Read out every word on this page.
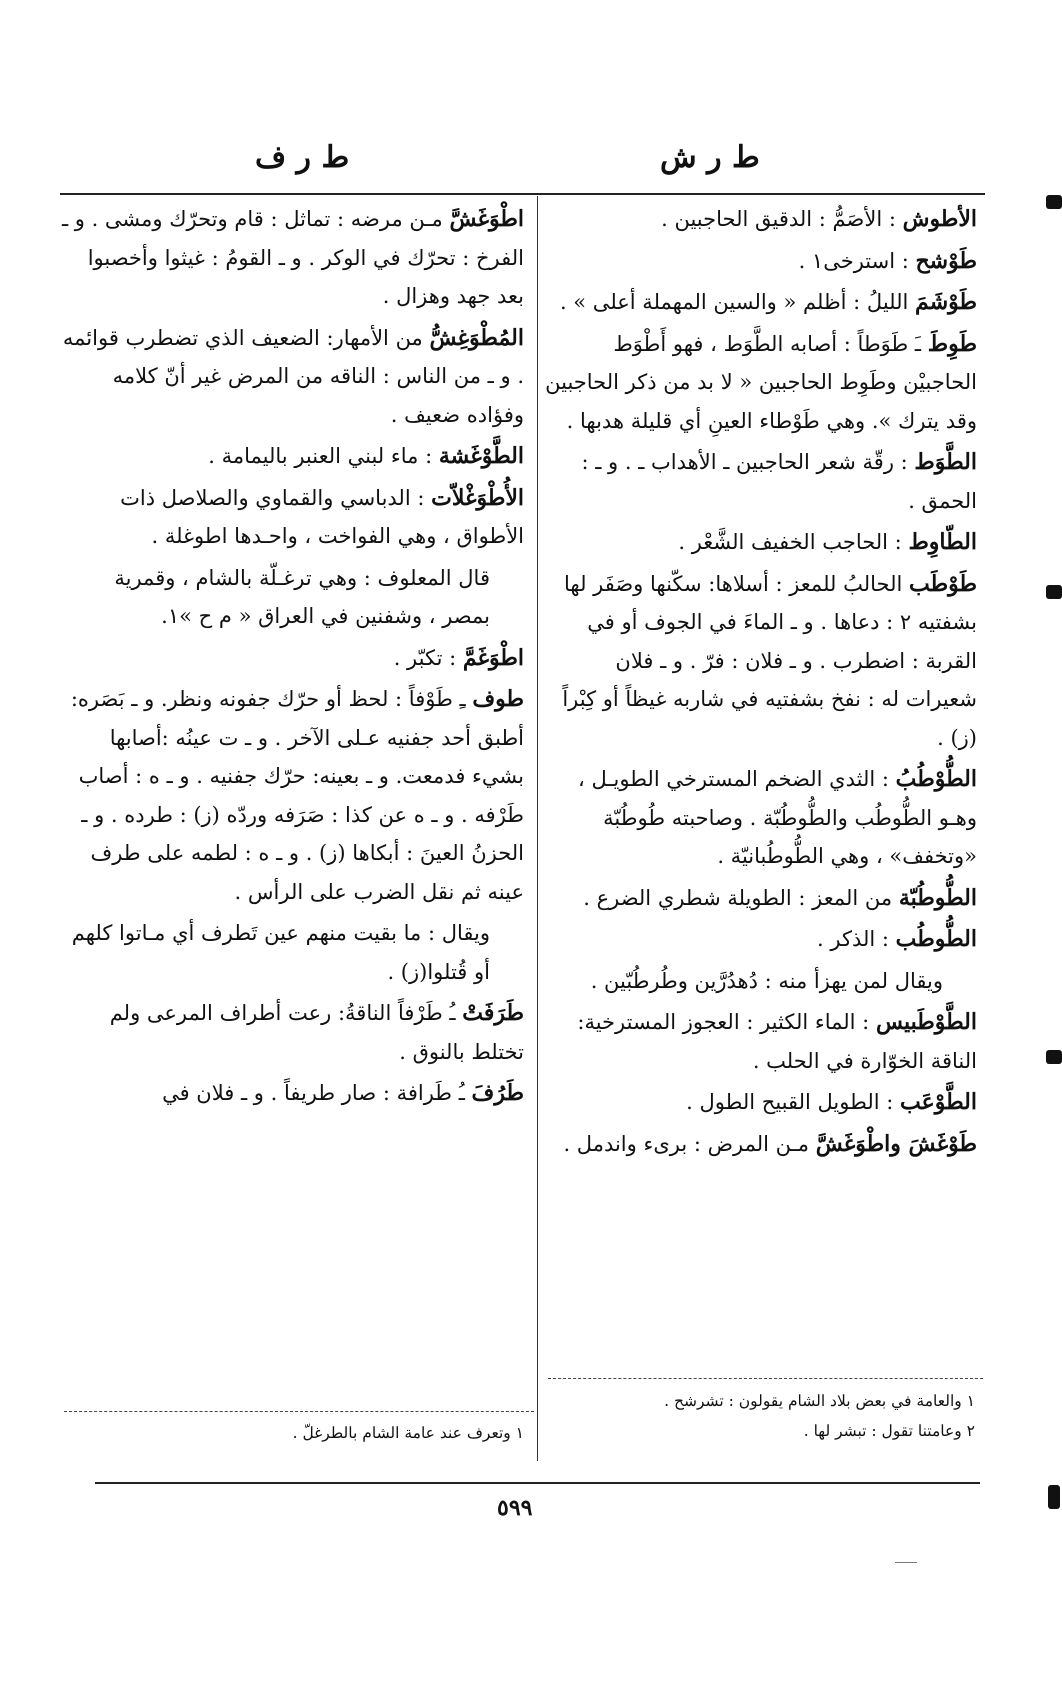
ط ر ش
ط ر ف

الأطوش : الأصَمُّ : الدقيق الحاجبين .

طَوْشح : استرخى١ .

طَوْشَمَ الليلُ : أظلم « والسين المهملة أعلى » .

طَوِطَ ـَ طَوَطاً : أصابه الطَّوَط ، فهو أَطْوَط الحاجبيْن وطَوِط الحاجبين « لا بد من ذكر الحاجبين وقد يترك ». وهي طَوْطاء العينِ أي قليلة هدبها .

الطَّوَط : رقّة شعر الحاجبين ـ الأهداب ـ . و ـ : الحمق .

الطّاوِط : الحاجب الخفيف الشَّعْر .

طَوْطَب الحالبُ للمعز : أسلاها: سكّنها وصَفَر لها بشفتيه ٢ : دعاها . و ـ الماءَ في الجوف أو في القربة : اضطرب . و ـ فلان : فرّ . و ـ فلان شعيرات له : نفخ بشفتيه في شاربه غيظاً أو كِبْراً (ز) .

الطُّوْطُبُ : الثدي الضخم المسترخي الطويـل ، وهـو الطُّوطُب والطُّوطُبّة . وصاحبته طُوطُبّة «وتخفف» ، وهي الطُّوطُبانيّة .

الطُّوطُبّة من المعز : الطويلة شطري الضرع .

الطُّوطُب : الذكر .

ويقال لمن يهزأ منه : دُهدُرَّين وطُرطُبّين .

الطَّوْطَبيس : الماء الكثير : العجوز المسترخية: الناقة الخوّارة في الحلب .

الطَّوْعَب : الطويل القبيح الطول .

طَوْغَشَ واطْوَغَشَّ مـن المرض : برىء واندمل .

اطْوَغَشَّ مـن مرضه : تماثل : قام وتحرّك ومشى . و ـ الفرخ : تحرّك في الوكر . و ـ القومُ : غيثوا وأخصبوا بعد جهد وهزال .

المُطْوَغِشُّ من الأمهار: الضعيف الذي تضطرب قوائمه . و ـ من الناس : الناقه من المرض غير أنّ كلامه وفؤاده ضعيف .

الطَّوْغَشة : ماء لبني العنبر باليمامة .

الأُطْوَغْلاّت : الدباسي والقماوي والصلاصل ذات الأطواق ، وهي الفواخت ، واحـدها اطوغلة .

قال المعلوف : وهي ترغـلّة بالشام ، وقمرية بمصر ، وشفنين في العراق « م ح »١.

اطْوَغَمَّ : تكبّر .

طوف ـِ طَوْفاً : لحظ أو حرّك جفونه ونظر. و ـ بَصَره: أطبق أحد جفنيه عـلى الآخر . و ـ ت عينُه :أصابها بشيء فدمعت. و ـ بعينه: حرّك جفنيه . و ـ ه : أصاب طَرْفه . و ـ ه عن كذا : صَرَفه وردّه (ز) : طرده . و ـ الحزنُ العينَ : أبكاها (ز) . و ـ ه : لطمه على طرف عينه ثم نقل الضرب على الرأس .

ويقال : ما بقيت منهم عين تَطرف أي مـاتوا كلهم أو قُتلوا(ز) .

طَرَفَتْ ـُ طَرْفاً الناقةُ: رعت أطراف المرعى ولم تختلط بالنوق .

طَرُفَ ـُ طَرافة : صار طريفاً . و ـ فلان في

١ والعامة في بعض بلاد الشام يقولون : تشرشح .
٢ وعامتنا تقول : تبشر لها .
١ وتعرف عند عامة الشام بالطرغلّ .
٥٩٩
